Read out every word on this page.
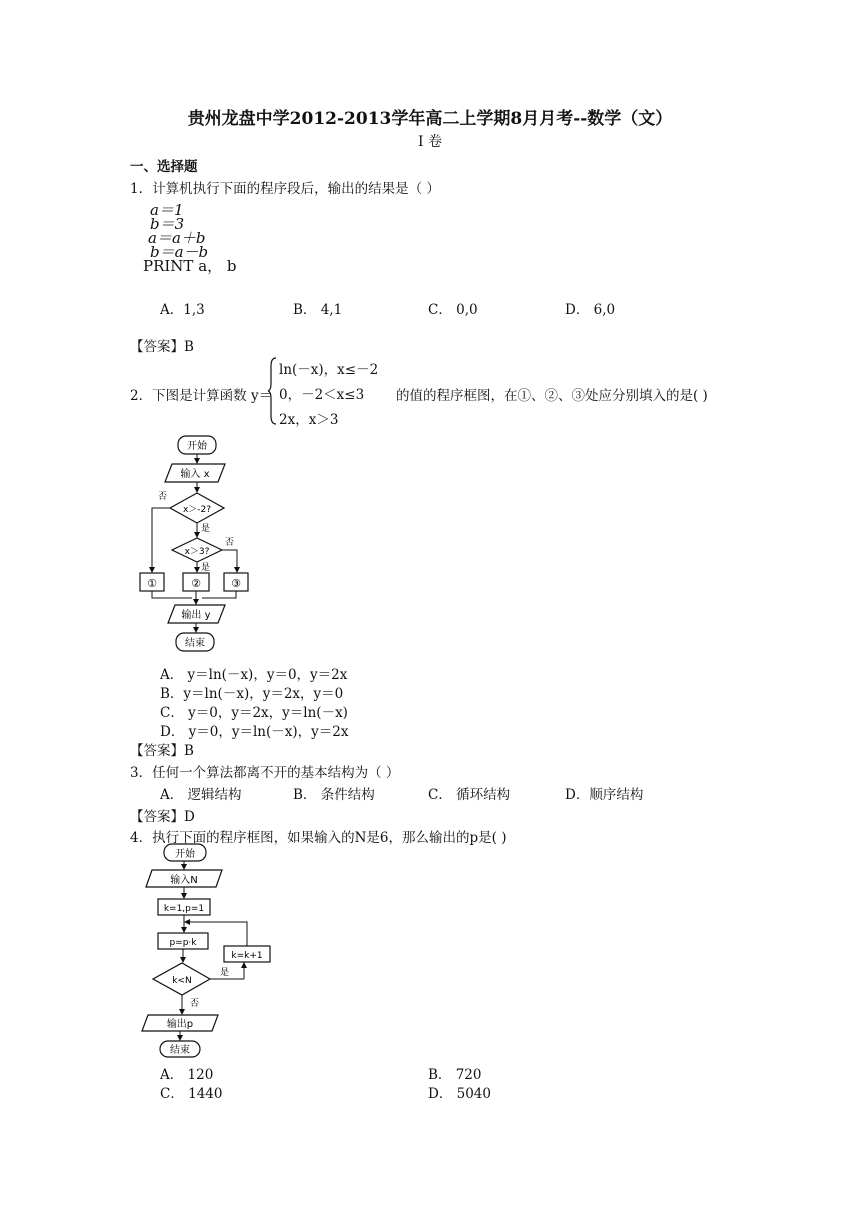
贵州龙盘中学2012-2013学年高二上学期8月月考--数学（文）
I 卷
一、选择题
1．计算机执行下面的程序段后，输出的结果是（ ）
a＝1
b＝3
a＝a＋b
b＝a－b
PRINT a， b
A．1,3	B． 4,1	C． 0,0	D． 6,0
【答案】B
2．下图是计算函数 y＝
ln(－x)，x≤－2
0，－2＜x≤3
2x，x＞3
的值的程序框图，在①、②、③处应分别填入的是( )
开始
输入 x
x＞-2?
否
是
x＞3?
否
是
①	②	③
输出 y
结束
A． y＝ln(－x)，y＝0，y＝2x
B．y＝ln(－x)，y＝2x，y＝0
C． y＝0，y＝2x，y＝ln(－x)
D． y＝0，y＝ln(－x)，y＝2x
【答案】B
3．任何一个算法都离不开的基本结构为（ ）
A． 逻辑结构	B． 条件结构	C． 循环结构	D．顺序结构
【答案】D
4．执行下面的程序框图，如果输入的N是6，那么输出的p是( )
开始
输入N
k=1,p=1
p=p·k
k<N
是
k=k+1
否
输出p
结束
A． 120	B． 720
C． 1440	D． 5040
